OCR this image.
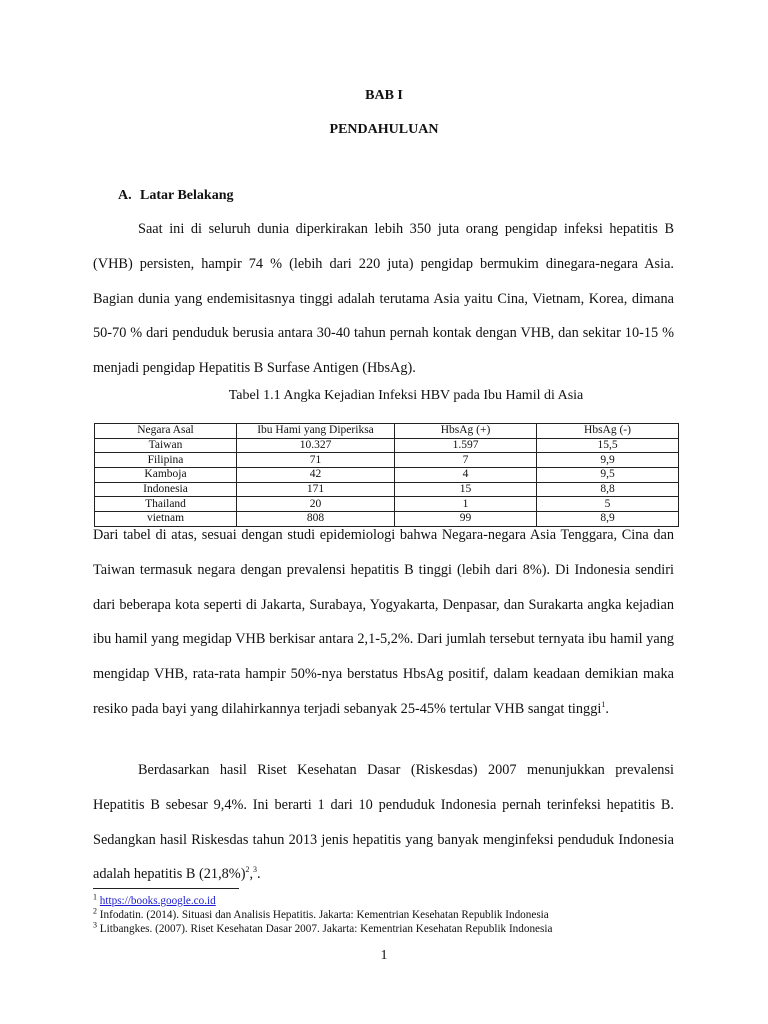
BAB I
PENDAHULUAN
A. Latar Belakang

Saat ini di seluruh dunia diperkirakan lebih 350 juta orang pengidap infeksi hepatitis B (VHB) persisten, hampir 74 % (lebih dari 220 juta) pengidap bermukim dinegara-negara Asia. Bagian dunia yang endemisitasnya tinggi adalah terutama Asia yaitu Cina, Vietnam, Korea, dimana 50-70 % dari penduduk berusia antara 30-40 tahun pernah kontak dengan VHB, dan sekitar 10-15 % menjadi pengidap Hepatitis B Surfase Antigen (HbsAg).

Tabel 1.1 Angka Kejadian Infeksi HBV pada Ibu Hamil di Asia

Negara Asal	Ibu Hami yang Diperiksa	HbsAg (+)	HbsAg (-)
Taiwan	10.327	1.597	15,5
Filipina	71	7	9,9
Kamboja	42	4	9,5
Indonesia	171	15	8,8
Thailand	20	1	5
vietnam	808	99	8,9

Dari tabel di atas, sesuai dengan studi epidemiologi bahwa Negara-negara Asia Tenggara, Cina dan Taiwan termasuk negara dengan prevalensi hepatitis B tinggi (lebih dari 8%). Di Indonesia sendiri dari beberapa kota seperti di Jakarta, Surabaya, Yogyakarta, Denpasar, dan Surakarta angka kejadian ibu hamil yang megidap VHB berkisar antara 2,1-5,2%. Dari jumlah tersebut ternyata ibu hamil yang mengidap VHB, rata-rata hampir 50%-nya berstatus HbsAg positif, dalam keadaan demikian maka resiko pada bayi yang dilahirkannya terjadi sebanyak 25-45% tertular VHB sangat tinggi$^1$.

Berdasarkan hasil Riset Kesehatan Dasar (Riskesdas) 2007 menunjukkan prevalensi Hepatitis B sebesar 9,4%. Ini berarti 1 dari 10 penduduk Indonesia pernah terinfeksi hepatitis B. Sedangkan hasil Riskesdas tahun 2013 jenis hepatitis yang banyak menginfeksi penduduk Indonesia adalah hepatitis B $(21,8\%)^2,^3$.

$^1$ https://books.google.co.id
$^2$ Infodatin. (2014). Situasi dan Analisis Hepatitis. Jakarta: Kementrian Kesehatan Republik Indonesia
$^3$ Litbangkes. (2007). Riset Kesehatan Dasar 2007. Jakarta: Kementrian Kesehatan Republik Indonesia
1
